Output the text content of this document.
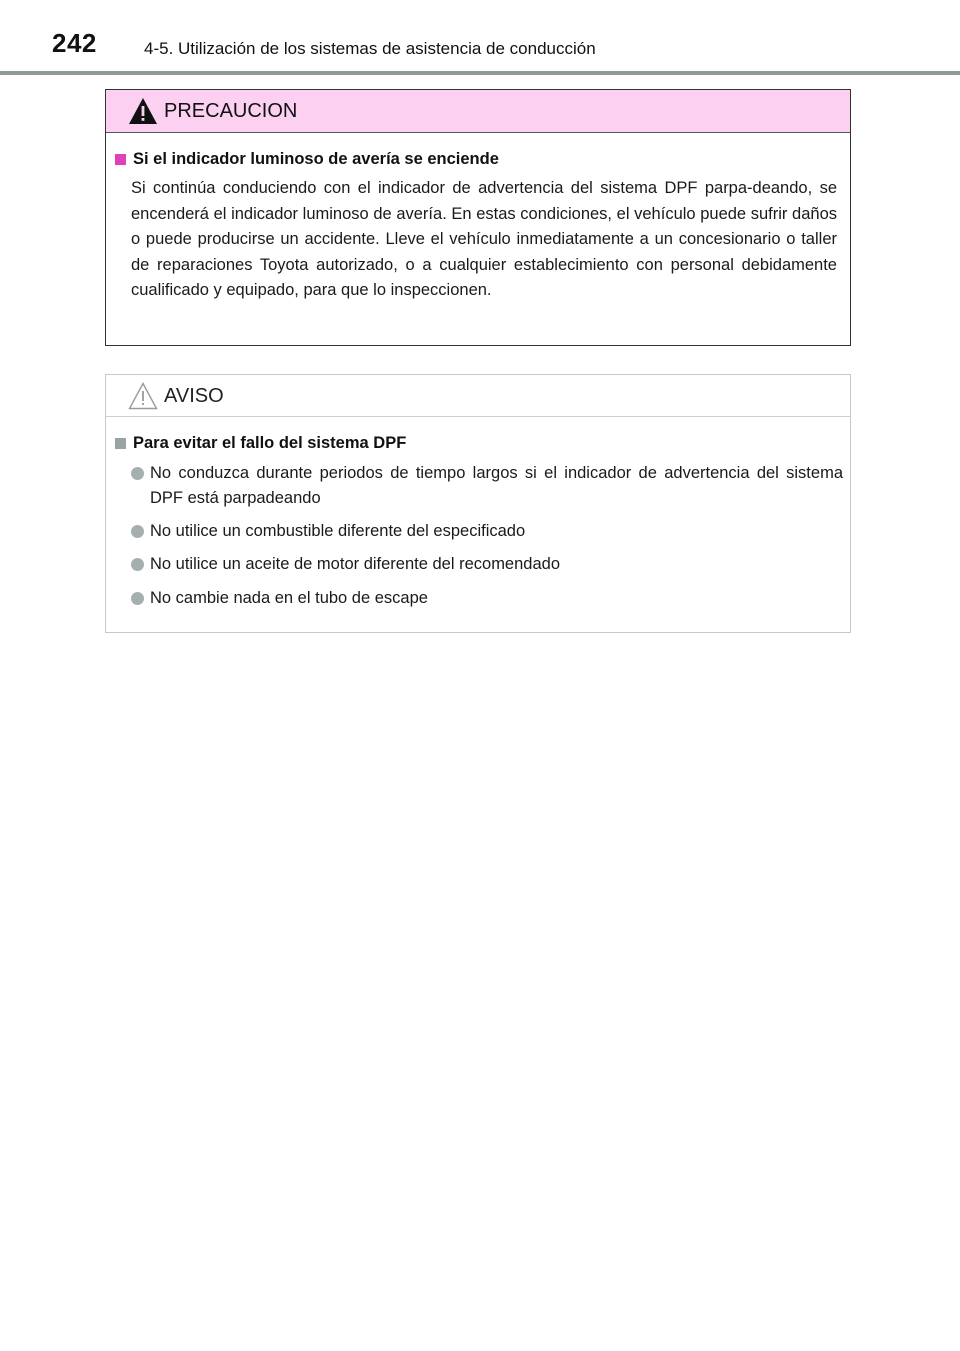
242	4-5. Utilización de los sistemas de asistencia de conducción
PRECAUCION
Si el indicador luminoso de avería se enciende
Si continúa conduciendo con el indicador de advertencia del sistema DPF parpa-deando, se encenderá el indicador luminoso de avería. En estas condiciones, el vehículo puede sufrir daños o puede producirse un accidente. Lleve el vehículo inmediatamente a un concesionario o taller de reparaciones Toyota autorizado, o a cualquier establecimiento con personal debidamente cualificado y equipado, para que lo inspeccionen.
AVISO
Para evitar el fallo del sistema DPF
No conduzca durante periodos de tiempo largos si el indicador de advertencia del sistema DPF está parpadeando
No utilice un combustible diferente del especificado
No utilice un aceite de motor diferente del recomendado
No cambie nada en el tubo de escape
